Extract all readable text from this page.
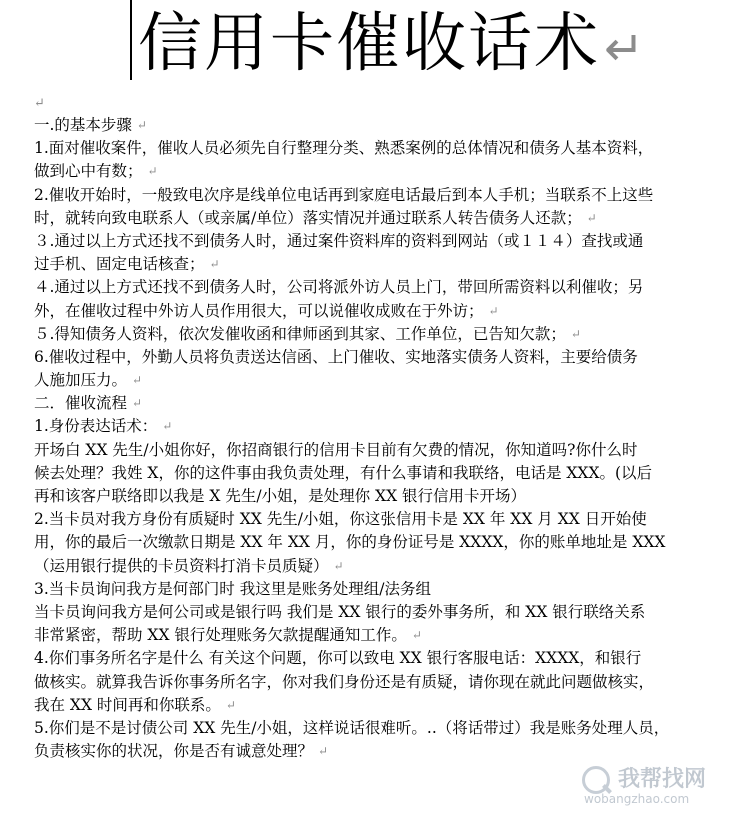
信用卡催收话术↵
↵
一.的基本步骤 ↵
1.面对催收案件，催收人员必须先自行整理分类、熟悉案例的总体情况和债务人基本资料，
做到心中有数； ↵
2.催收开始时，一般致电次序是线单位电话再到家庭电话最后到本人手机；当联系不上这些
时，就转向致电联系人（或亲属/单位）落实情况并通过联系人转告债务人还款； ↵
３.通过以上方式还找不到债务人时，通过案件资料库的资料到网站（或１１４）查找或通
过手机、固定电话核查； ↵
４.通过以上方式还找不到债务人时，公司将派外访人员上门，带回所需资料以利催收；另
外，在催收过程中外访人员作用很大，可以说催收成败在于外访； ↵
５.得知债务人资料，依次发催收函和律师函到其家、工作单位，已告知欠款； ↵
6.催收过程中，外勤人员将负责送达信函、上门催收、实地落实债务人资料，主要给债务
人施加压力。 ↵
二．催收流程 ↵
1.身份表达话术： ↵
开场白 XX 先生/小姐你好，你招商银行的信用卡目前有欠费的情况，你知道吗?你什么时
候去处理？我姓 X，你的这件事由我负责处理，有什么事请和我联络，电话是 XXX。(以后
再和该客户联络即以我是 X 先生/小姐，是处理你 XX 银行信用卡开场）
2.当卡员对我方身份有质疑时 XX 先生/小姐，你这张信用卡是 XX 年 XX 月 XX 日开始使
用，你的最后一次缴款日期是 XX 年 XX 月，你的身份证号是 XXXX，你的账单地址是 XXX
（运用银行提供的卡员资料打消卡员质疑） ↵
3.当卡员询问我方是何部门时 我这里是账务处理组/法务组
当卡员询问我方是何公司或是银行吗 我们是 XX 银行的委外事务所，和 XX 银行联络关系
非常紧密，帮助 XX 银行处理账务欠款提醒通知工作。 ↵
4.你们事务所名字是什么 有关这个问题，你可以致电 XX 银行客服电话：XXXX，和银行
做核实。就算我告诉你事务所名字，你对我们身份还是有质疑，请你现在就此问题做核实，
我在 XX 时间再和你联系。 ↵
5.你们是不是讨债公司 XX 先生/小姐，这样说话很难听。..（将话带过）我是账务处理人员，
负责核实你的状况，你是否有诚意处理？ ↵
我帮找网
wobangzhao.com
